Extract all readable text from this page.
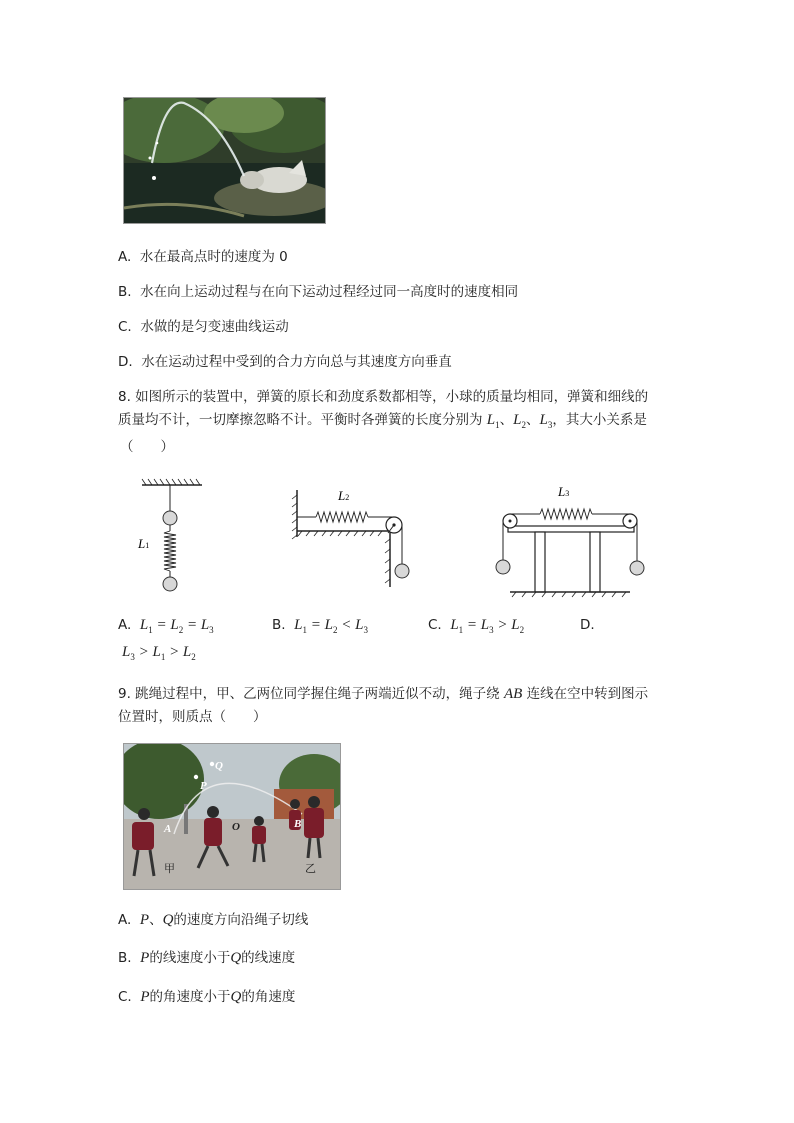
A. 水在最高点时的速度为 0
B. 水在向上运动过程与在向下运动过程经过同一高度时的速度相同
C. 水做的是匀变速曲线运动
D. 水在运动过程中受到的合力方向总与其速度方向垂直
8. 如图所示的装置中，弹簧的原长和劲度系数都相等，小球的质量均相同，弹簧和细线的
质量均不计，一切摩擦忽略不计。平衡时各弹簧的长度分别为 $L_1$、$L_2$、$L_3$，其大小关系是
（　　）
L1
L2	L3
A. $L_1 = L_2 = L_3$	B. $L_1 = L_2 < L_3$	C. $L_1 = L_3 > L_2$	D.
$L_3 > L_1 > L_2$
9. 跳绳过程中，甲、乙两位同学握住绳子两端近似不动，绳子绕 AB 连线在空中转到图示
位置时，则质点（　　）
Q
P
A	B
O
甲	乙
A. P、Q的速度方向沿绳子切线
B. P的线速度小于Q的线速度
C. P的角速度小于Q的角速度
